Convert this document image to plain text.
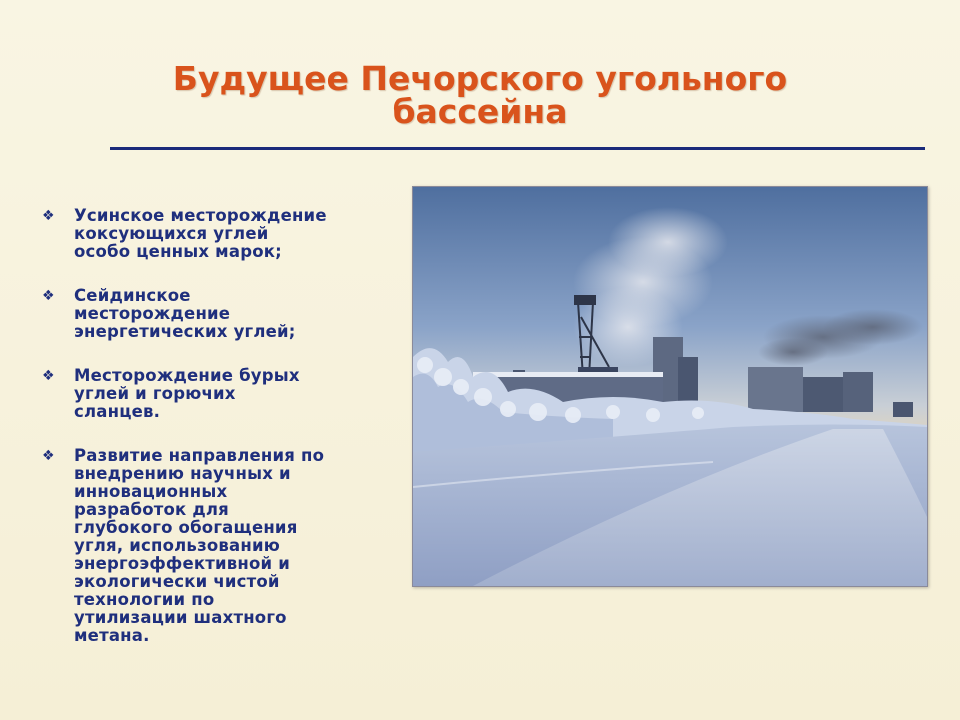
Будущее Печорского угольного
бассейна
❖	Усинское месторождение
коксующихся углей
особо ценных марок;
❖	Сейдинское
месторождение
энергетических углей;
❖	Месторождение бурых
углей и горючих
сланцев.
❖	Развитие направления по
внедрению научных и
инновационных
разработок для
глубокого обогащения
угля, использованию
энергоэффективной и
экологически чистой
технологии по
утилизации шахтного
метана.
